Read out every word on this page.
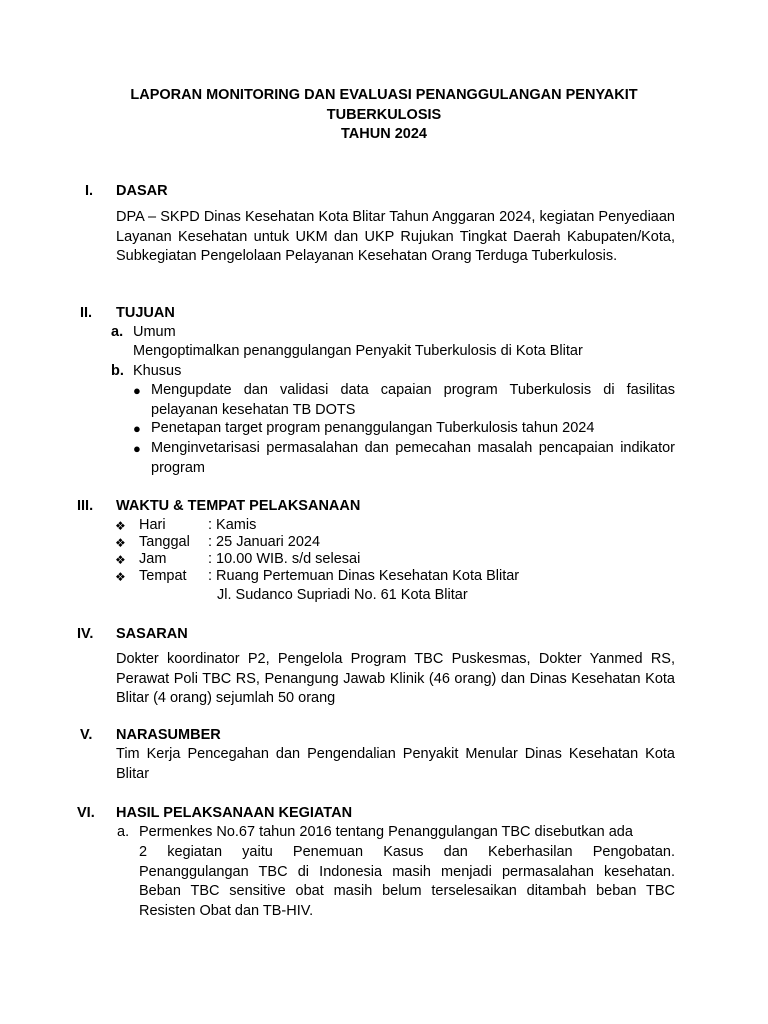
LAPORAN MONITORING DAN EVALUASI PENANGGULANGAN PENYAKIT
TUBERKULOSIS
TAHUN 2024
I. DASAR
DPA – SKPD Dinas Kesehatan Kota Blitar Tahun Anggaran 2024, kegiatan Penyediaan Layanan Kesehatan untuk UKM dan UKP Rujukan Tingkat Daerah Kabupaten/Kota, Subkegiatan Pengelolaan Pelayanan Kesehatan Orang Terduga Tuberkulosis.
II. TUJUAN
a. Umum
Mengoptimalkan penanggulangan Penyakit Tuberkulosis di Kota Blitar
b. Khusus
● Mengupdate dan validasi data capaian program Tuberkulosis di fasilitas pelayanan kesehatan TB DOTS
● Penetapan target program penanggulangan Tuberkulosis tahun 2024
● Menginvetarisasi permasalahan dan pemecahan masalah pencapaian indikator program
III. WAKTU & TEMPAT PELAKSANAAN
❖ Hari	: Kamis
❖ Tanggal : 25 Januari 2024
❖ Jam	: 10.00 WIB. s/d selesai
❖ Tempat : Ruang Pertemuan Dinas Kesehatan Kota Blitar
Jl. Sudanco Supriadi No. 61 Kota Blitar
IV. SASARAN
Dokter koordinator P2, Pengelola Program TBC Puskesmas, Dokter Yanmed RS, Perawat Poli TBC RS, Penangung Jawab Klinik (46 orang) dan Dinas Kesehatan Kota Blitar (4 orang) sejumlah 50 orang
V. NARASUMBER
Tim Kerja Pencegahan dan Pengendalian Penyakit Menular Dinas Kesehatan Kota Blitar
VI. HASIL PELAKSANAAN KEGIATAN
a. Permenkes No.67 tahun 2016 tentang Penanggulangan TBC disebutkan ada
2 kegiatan yaitu Penemuan Kasus dan Keberhasilan Pengobatan. Penanggulangan TBC di Indonesia masih menjadi permasalahan kesehatan. Beban TBC sensitive obat masih belum terselesaikan ditambah beban TBC Resisten Obat dan TB-HIV.
